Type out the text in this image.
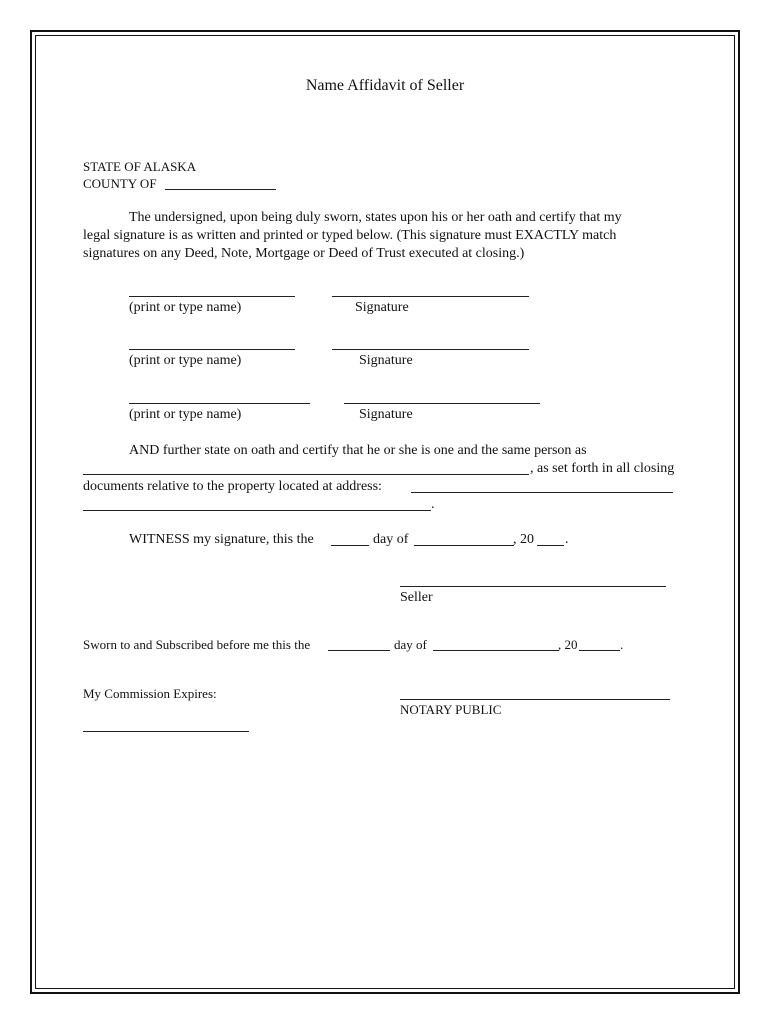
Name Affidavit of Seller
STATE OF ALASKA
COUNTY OF
The undersigned, upon being duly sworn, states upon his or her oath and certify that my
legal signature is as written and printed or typed below. (This signature must EXACTLY match
signatures on any Deed, Note, Mortgage or Deed of Trust executed at closing.)
(print or type name)	Signature
(print or type name)	Signature
(print or type name)	Signature
AND further state on oath and certify that he or she is one and the same person as
, as set forth in all closing
documents relative to the property located at address:
.
WITNESS my signature, this the	day of	, 20 .
Seller
Sworn to and Subscribed before me this the	day of	, 20	.
My Commission Expires:
NOTARY PUBLIC
